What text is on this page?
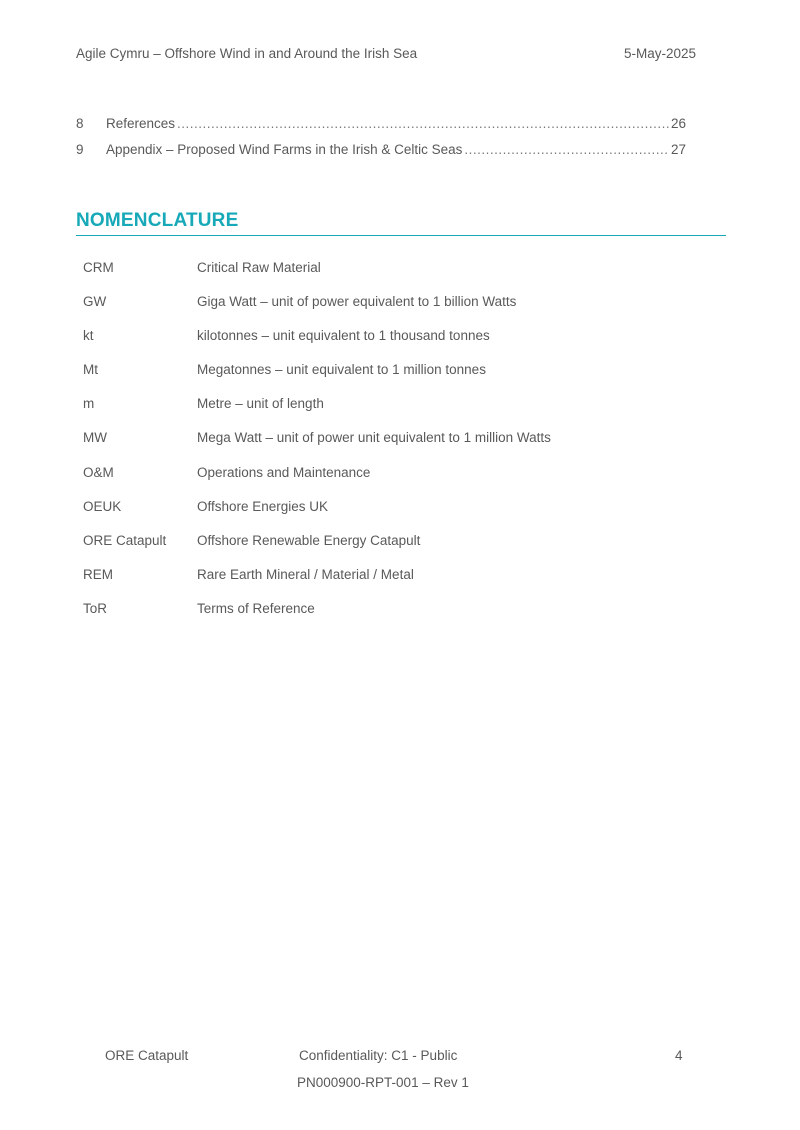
Agile Cymru – Offshore Wind in and Around the Irish Sea	5-May-2025
8	References .....	26
9	Appendix – Proposed Wind Farms in the Irish & Celtic Seas .....	27
NOMENCLATURE
CRM	Critical Raw Material
GW	Giga Watt – unit of power equivalent to 1 billion Watts
kt	kilotonnes – unit equivalent to 1 thousand tonnes
Mt	Megatonnes – unit equivalent to 1 million tonnes
m	Metre – unit of length
MW	Mega Watt – unit of power unit equivalent to 1 million Watts
O&M	Operations and Maintenance
OEUK	Offshore Energies UK
ORE Catapult	Offshore Renewable Energy Catapult
REM	Rare Earth Mineral / Material / Metal
ToR	Terms of Reference
ORE Catapult	Confidentiality: C1 - Public	4
PN000900-RPT-001 – Rev 1
